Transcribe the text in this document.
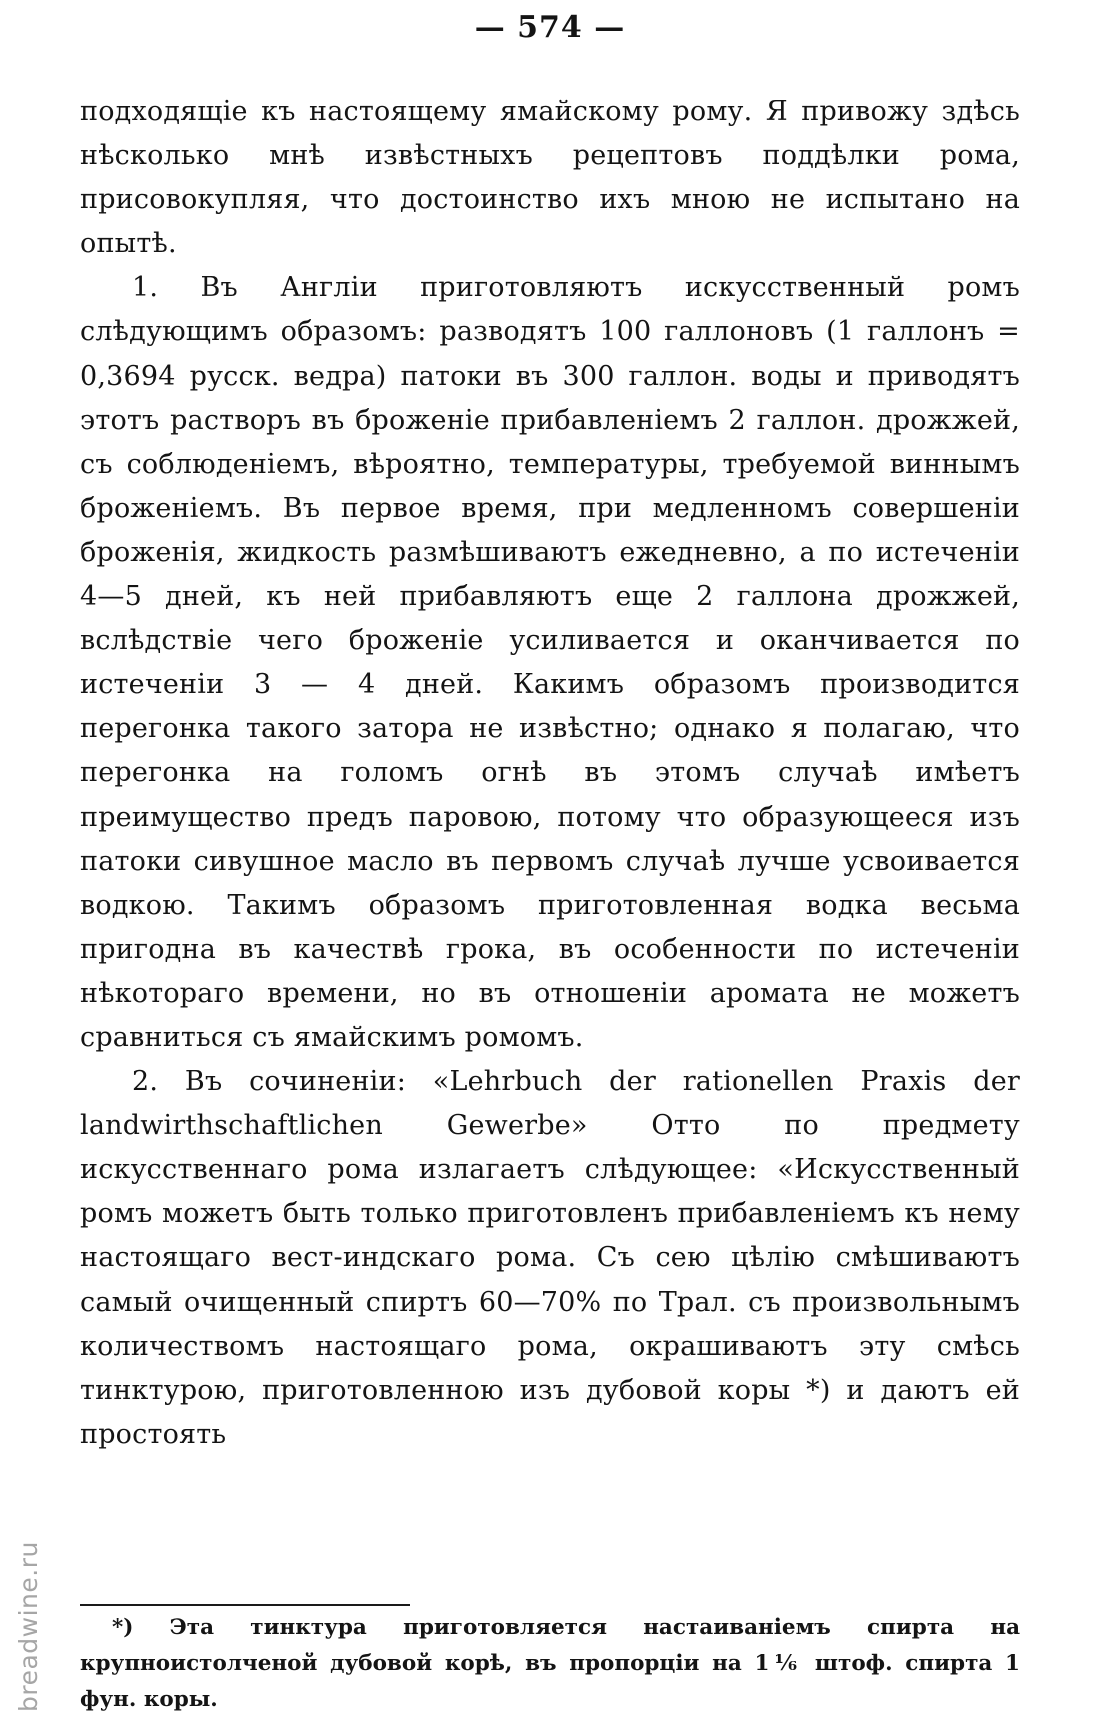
— 574 —

подходящіе къ настоящему ямайскому рому. Я привожу здѣсь нѣсколько мнѣ извѣстныхъ рецептовъ поддѣлки рома, присовокупляя, что достоинство ихъ мною не испытано на опытѣ.

1. Въ Англіи приготовляютъ искусственный ромъ слѣдующимъ образомъ: разводятъ 100 галлоновъ (1 галлонъ = 0,3694 русск. ведра) патоки въ 300 галлон. воды и приводятъ этотъ растворъ въ броженіе прибавленіемъ 2 галлон. дрожжей, съ соблюденіемъ, вѣроятно, температуры, требуемой виннымъ броженіемъ. Въ первое время, при медленномъ совершеніи броженія, жидкость размѣшиваютъ ежедневно, а по истеченіи 4—5 дней, къ ней прибавляютъ еще 2 галлона дрожжей, вслѣдствіе чего броженіе усиливается и оканчивается по истеченіи 3 — 4 дней. Какимъ образомъ производится перегонка такого затора не извѣстно; однако я полагаю, что перегонка на голомъ огнѣ въ этомъ случаѣ имѣетъ преимущество предъ паровою, потому что образующееся изъ патоки сивушное масло въ первомъ случаѣ лучше усвоивается водкою. Такимъ образомъ приготовленная водка весьма пригодна въ качествѣ грока, въ особенности по истеченіи нѣкотораго времени, но въ отношеніи аромата не можетъ сравниться съ ямайскимъ ромомъ.

2. Въ сочиненіи: «Lehrbuch der rationellen Praxis der landwirthschaftlichen Gewerbe» Отто по предмету искусственнаго рома излагаетъ слѣдующее: «Искусственный ромъ можетъ быть только приготовленъ прибавленіемъ къ нему настоящаго вест-индскаго рома. Съ сею цѣлію смѣшиваютъ самый очищенный спиртъ 60—70% по Трал. съ произвольнымъ количествомъ настоящаго рома, окрашиваютъ эту смѣсь тинктурою, приготовленною изъ дубовой коры *) и даютъ ей простоять

*) Эта тинктура приготовляется настаиваніемъ спирта на крупноистолченой дубовой корѣ, въ пропорціи на 1⅙ штоф. спирта 1 фун. коры.
breadwine.ru
